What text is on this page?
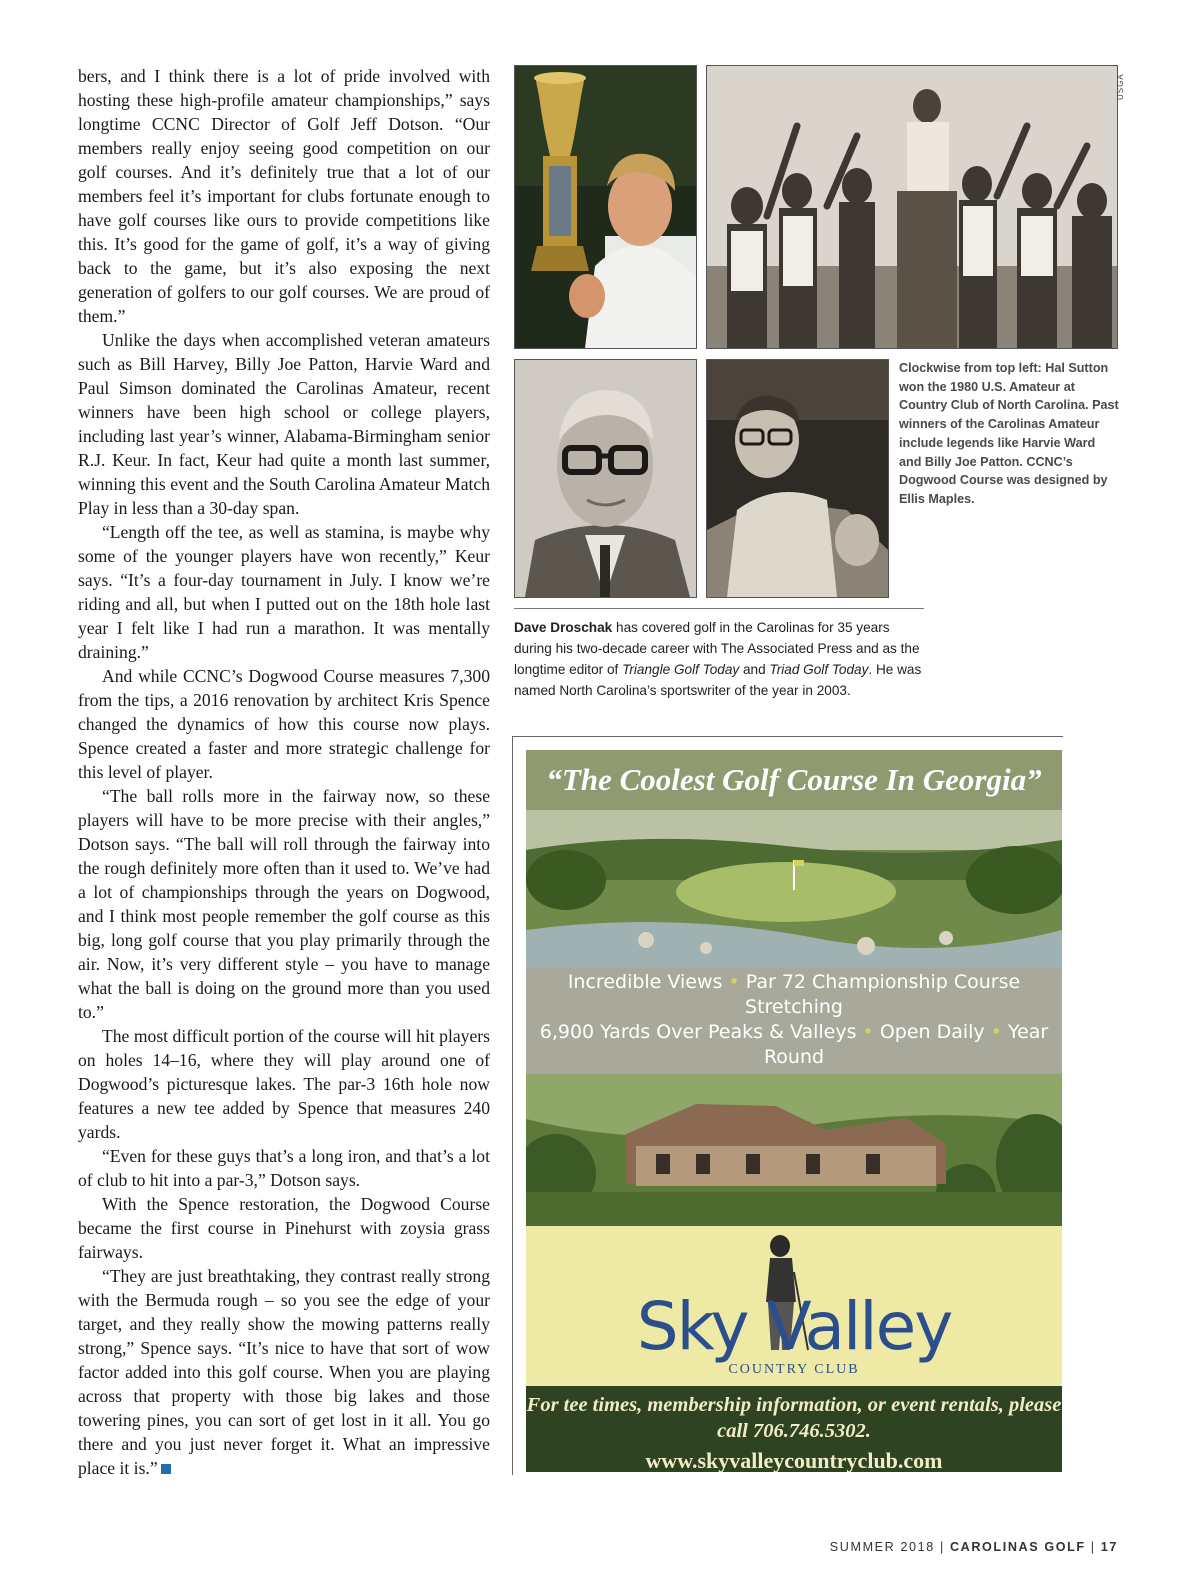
bers, and I think there is a lot of pride involved with hosting these high-profile amateur championships,” says longtime CCNC Director of Golf Jeff Dotson. “Our members really enjoy seeing good competition on our golf courses. And it’s definitely true that a lot of our members feel it’s important for clubs fortunate enough to have golf courses like ours to provide competitions like this. It’s good for the game of golf, it’s a way of giving back to the game, but it’s also exposing the next generation of golfers to our golf courses. We are proud of them.”

Unlike the days when accomplished veteran amateurs such as Bill Harvey, Billy Joe Patton, Harvie Ward and Paul Simson dominated the Carolinas Amateur, recent winners have been high school or college players, including last year’s winner, Alabama-Birmingham senior R.J. Keur. In fact, Keur had quite a month last summer, winning this event and the South Carolina Amateur Match Play in less than a 30-day span.

“Length off the tee, as well as stamina, is maybe why some of the younger players have won recently,” Keur says. “It’s a four-day tournament in July. I know we’re riding and all, but when I putted out on the 18th hole last year I felt like I had run a marathon. It was mentally draining.”

And while CCNC’s Dogwood Course measures 7,300 from the tips, a 2016 renovation by architect Kris Spence changed the dynamics of how this course now plays. Spence created a faster and more strategic challenge for this level of player.

“The ball rolls more in the fairway now, so these players will have to be more precise with their angles,” Dotson says. “The ball will roll through the fairway into the rough definitely more often than it used to. We’ve had a lot of championships through the years on Dogwood, and I think most people remember the golf course as this big, long golf course that you play primarily through the air. Now, it’s very different style – you have to manage what the ball is doing on the ground more than you used to.”

The most difficult portion of the course will hit players on holes 14–16, where they will play around one of Dogwood’s picturesque lakes. The par-3 16th hole now features a new tee added by Spence that measures 240 yards.

“Even for these guys that’s a long iron, and that’s a lot of club to hit into a par-3,” Dotson says.

With the Spence restoration, the Dogwood Course became the first course in Pinehurst with zoysia grass fairways.

“They are just breathtaking, they contrast really strong with the Bermuda rough – so you see the edge of your target, and they really show the mowing patterns really strong,” Spence says. “It’s nice to have that sort of wow factor added into this golf course. When you are playing across that property with those big lakes and those towering pines, you can sort of get lost in it all. You go there and you just never forget it. What an impressive place it is.”

USGA
Clockwise from top left: Hal Sutton won the 1980 U.S. Amateur at Country Club of North Carolina. Past winners of the Carolinas Amateur include legends like Harvie Ward and Billy Joe Patton. CCNC’s Dogwood Course was designed by Ellis Maples.
Dave Droschak has covered golf in the Carolinas for 35 years during his two-decade career with The Associated Press and as the longtime editor of Triangle Golf Today and Triad Golf Today. He was named North Carolina’s sportswriter of the year in 2003.
“The Coolest Golf Course In Georgia”
Incredible Views • Par 72 Championship Course Stretching
6,900 Yards Over Peaks & Valleys • Open Daily • Year Round
Sky Valley
COUNTRY CLUB
For tee times, membership information, or event rentals, please call 706.746.5302.
www.skyvalleycountryclub.com
SUMMER 2018 | CAROLINAS GOLF | 17
